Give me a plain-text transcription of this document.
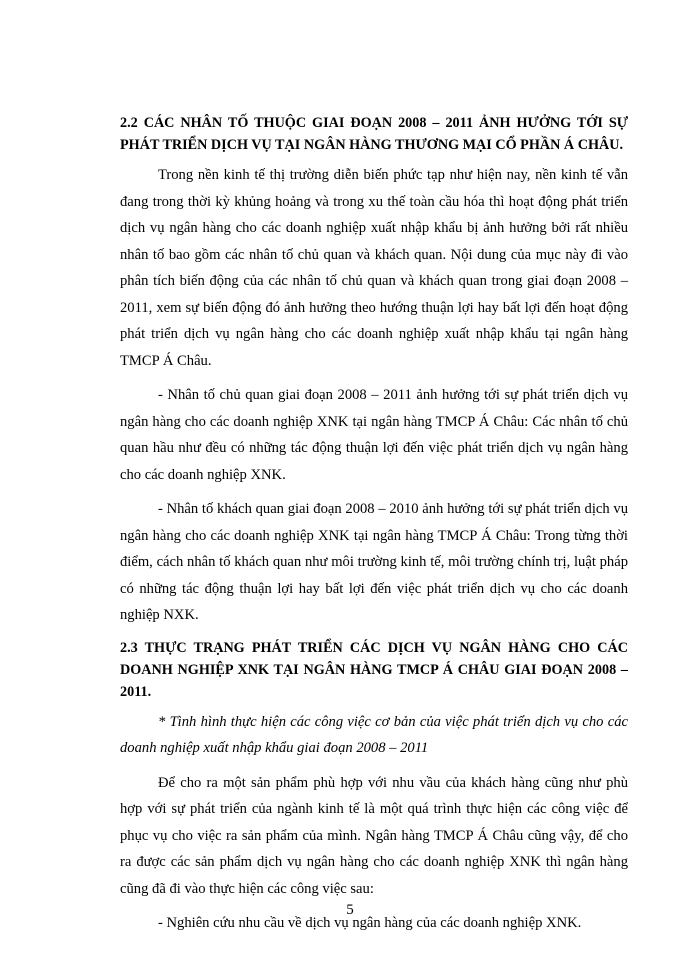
2.2 CÁC NHÂN TỐ THUỘC GIAI ĐOẠN 2008 – 2011 ẢNH HƯỞNG TỚI SỰ PHÁT TRIỂN DỊCH VỤ TẠI NGÂN HÀNG THƯƠNG MẠI CỔ PHẦN Á CHÂU.

Trong nền kinh tế thị trường diễn biến phức tạp như hiện nay, nền kinh tế vẫn đang trong thời kỳ khủng hoảng và trong xu thế toàn cầu hóa thì hoạt động phát triển dịch vụ ngân hàng cho các doanh nghiệp xuất nhập khẩu bị ảnh hưởng bởi rất nhiều nhân tố bao gồm các nhân tố chủ quan và khách quan. Nội dung của mục này đi vào phân tích biến động của các nhân tố chủ quan và khách quan trong giai đoạn 2008 – 2011, xem sự biến động đó ảnh hưởng theo hướng thuận lợi hay bất lợi đến hoạt động phát triển dịch vụ ngân hàng cho các doanh nghiệp xuất nhập khẩu tại ngân hàng TMCP Á Châu.

- Nhân tố chủ quan giai đoạn 2008 – 2011 ảnh hưởng tới sự phát triển dịch vụ ngân hàng cho các doanh nghiệp XNK tại ngân hàng TMCP Á Châu: Các nhân tố chủ quan hầu như đều có những tác động thuận lợi đến việc phát triển dịch vụ ngân hàng cho các doanh nghiệp XNK.

- Nhân tố khách quan giai đoạn 2008 – 2010 ảnh hưởng tới sự phát triển dịch vụ ngân hàng cho các doanh nghiệp XNK tại ngân hàng TMCP Á Châu: Trong từng thời điểm, cách nhân tố khách quan như môi trường kinh tế, môi trường chính trị, luật pháp có những tác động thuận lợi hay bất lợi đến việc phát triển dịch vụ cho các doanh nghiệp NXK.

2.3 THỰC TRẠNG PHÁT TRIỂN CÁC DỊCH VỤ NGÂN HÀNG CHO CÁC DOANH NGHIỆP XNK TẠI NGÂN HÀNG TMCP Á CHÂU GIAI ĐOẠN 2008 – 2011.

* Tình hình thực hiện các công việc cơ bản của việc phát triển dịch vụ cho các doanh nghiệp xuất nhập khẩu giai đoạn 2008 – 2011

Để cho ra một sản phẩm phù hợp với nhu vầu của khách hàng cũng như phù hợp với sự phát triển của ngành kinh tế là một quá trình thực hiện các công việc để phục vụ cho việc ra sản phẩm của mình. Ngân hàng TMCP Á Châu cũng vậy, để cho ra được các sản phẩm dịch vụ ngân hàng cho các doanh nghiệp XNK thì ngân hàng cũng đã đi vào thực hiện các công việc sau:

- Nghiên cứu nhu cầu về dịch vụ ngân hàng của các doanh nghiệp XNK.

5
